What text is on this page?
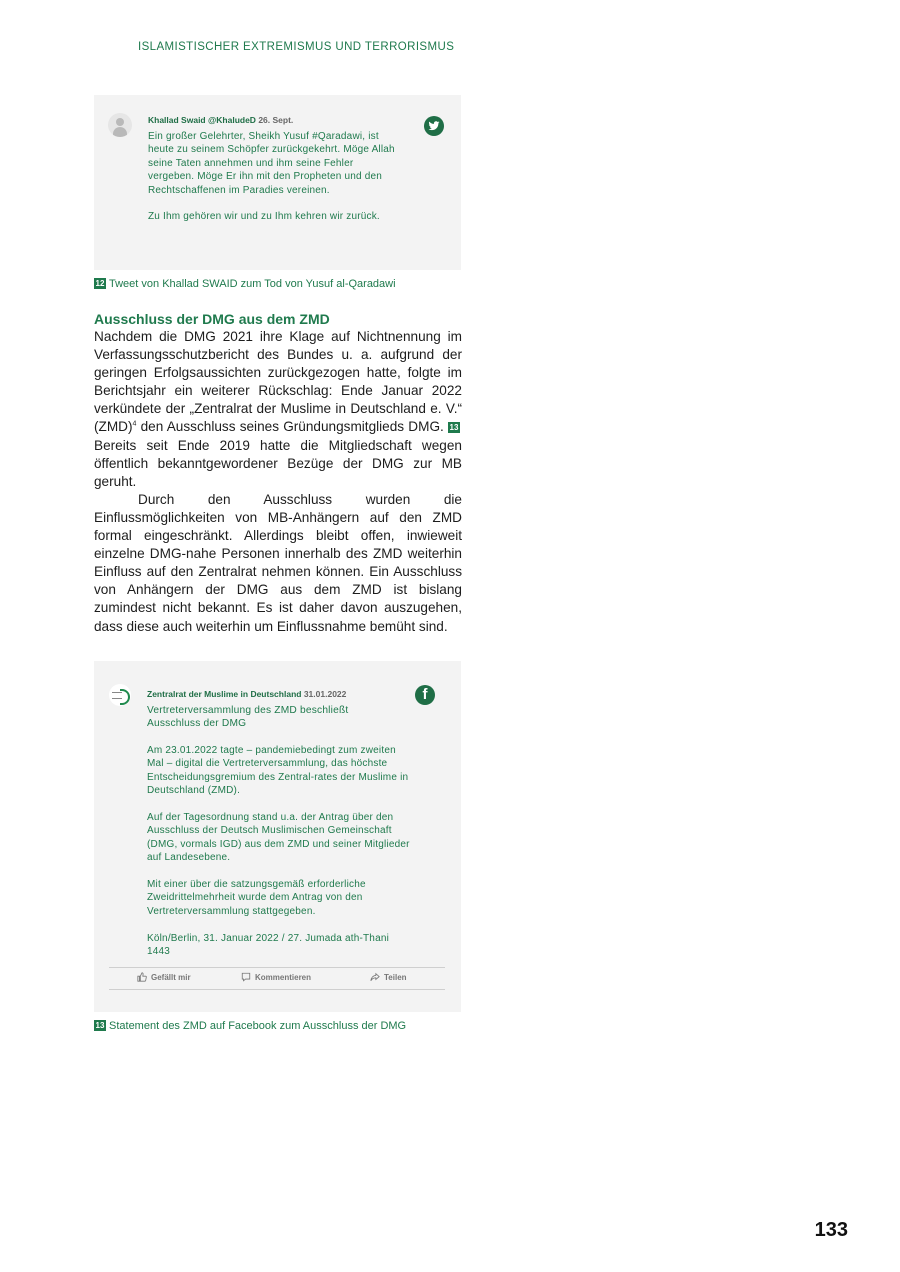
ISLAMISTISCHER EXTREMISMUS UND TERRORISMUS
Khallad Swaid @KhaludeD 26. Sept.

Ein großer Gelehrter, Sheikh Yusuf #Qaradawi, ist heute zu seinem Schöpfer zurückgekehrt. Möge Allah seine Taten annehmen und ihm seine Fehler vergeben. Möge Er ihn mit den Propheten und den Rechtschaffenen im Paradies vereinen.

Zu Ihm gehören wir und zu Ihm kehren wir zurück.

12 Tweet von Khallad SWAID zum Tod von Yusuf al-Qaradawi
Ausschluss der DMG aus dem ZMD

Nachdem die DMG 2021 ihre Klage auf Nichtnennung im Verfassungsschutzbericht des Bundes u. a. aufgrund der geringen Erfolgsaussichten zurückgezogen hatte, folgte im Berichtsjahr ein weiterer Rückschlag: Ende Januar 2022 verkündete der „Zentralrat der Muslime in Deutschland e. V.“ (ZMD)$^4$ den Ausschluss seines Gründungsmitglieds DMG. 13 Bereits seit Ende 2019 hatte die Mitgliedschaft wegen öffentlich bekanntgewordener Bezüge der DMG zur MB geruht.

Durch den Ausschluss wurden die Einflussmöglichkeiten von MB-Anhängern auf den ZMD formal eingeschränkt. Allerdings bleibt offen, inwieweit einzelne DMG-nahe Personen innerhalb des ZMD weiterhin Einfluss auf den Zentralrat nehmen können. Ein Ausschluss von Anhängern der DMG aus dem ZMD ist bislang zumindest nicht bekannt. Es ist daher davon auszugehen, dass diese auch weiterhin um Einflussnahme bemüht sind.

Zentralrat der Muslime in Deutschland 31.01.2022
Vertreterversammlung des ZMD beschließt Ausschluss der DMG

Am 23.01.2022 tagte – pandemiebedingt zum zweiten Mal – digital die Vertreterversammlung, das höchste Entscheidungsgremium des Zentral-rates der Muslime in Deutschland (ZMD).

Auf der Tagesordnung stand u.a. der Antrag über den Ausschluss der Deutsch Muslimischen Gemeinschaft (DMG, vormals IGD) aus dem ZMD und seiner Mitglieder auf Landesebene.

Mit einer über die satzungsgemäß erforderliche Zweidrittelmehrheit wurde dem Antrag von den Vertreterversammlung stattgegeben.

Köln/Berlin, 31. Januar 2022 / 27. Jumada ath-Thani 1443

f
Gefällt mir	Kommentieren	Teilen
13 Statement des ZMD auf Facebook zum Ausschluss der DMG
133
